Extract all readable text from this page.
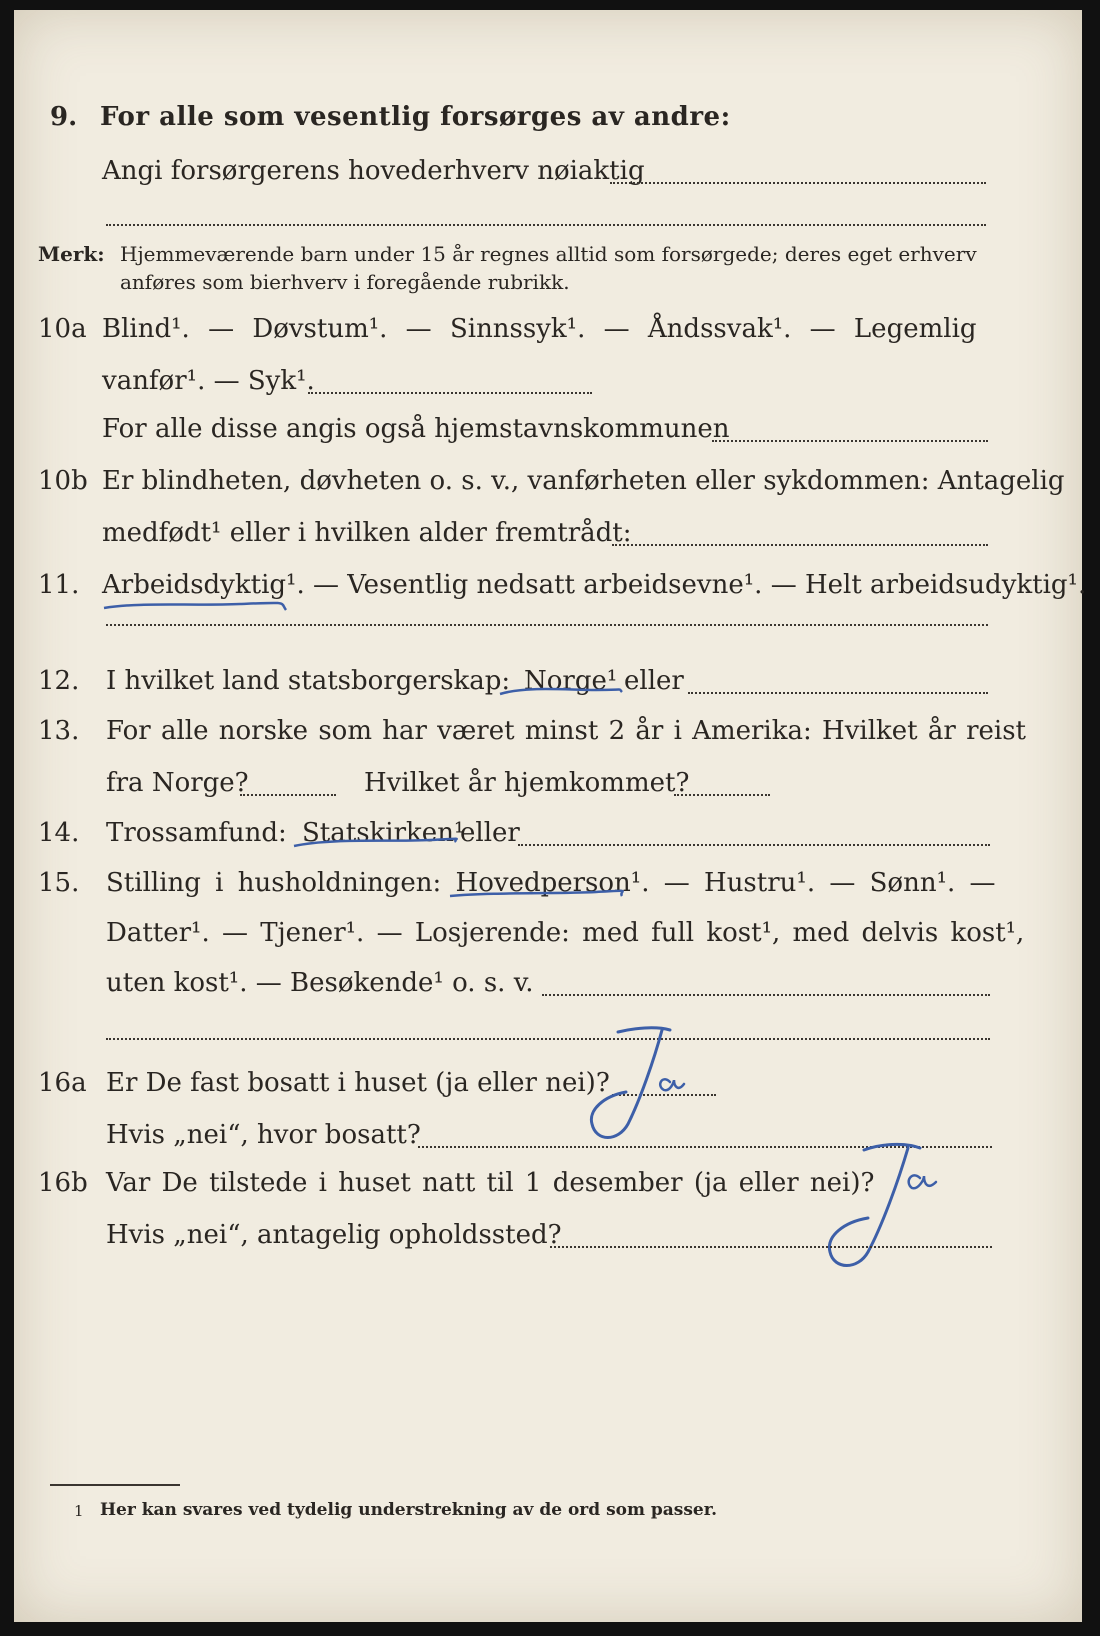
9. For alle som vesentlig forsørges av andre:
Angi forsørgerens hovederhverv nøiaktig
Merk: Hjemmeværende barn under 15 år regnes alltid som forsørgede; deres eget erhverv
anføres som bierhverv i foregående rubrikk.
10a Blind¹. — Døvstum¹. — Sinnssyk¹. — Åndssvak¹. — Legemlig
vanfør¹. — Syk¹.
For alle disse angis også hjemstavnskommunen
10b Er blindheten, døvheten o. s. v., vanførheten eller sykdommen: Antagelig
medfødt¹ eller i hvilken alder fremtrådt:
11. Arbeidsdyktig¹. — Vesentlig nedsatt arbeidsevne¹. — Helt arbeidsudyktig¹.
12. I hvilket land statsborgerskap: Norge¹ eller
13. For alle norske som har været minst 2 år i Amerika: Hvilket år reist
fra Norge?	Hvilket år hjemkommet?
14. Trossamfund: Statskirken¹
eller
15. Stilling i husholdningen: Hovedperson¹. — Hustru¹. — Sønn¹. —
Datter¹. — Tjener¹. — Losjerende: med full kost¹, med delvis kost¹,
uten kost¹. — Besøkende¹ o. s. v.
16a Er De fast bosatt i huset (ja eller nei)?
Hvis „nei“, hvor bosatt?
16b Var De tilstede i huset natt til 1 desember (ja eller nei)?
Hvis „nei“, antagelig opholdssted?
1 Her kan svares ved tydelig understrekning av de ord som passer.
